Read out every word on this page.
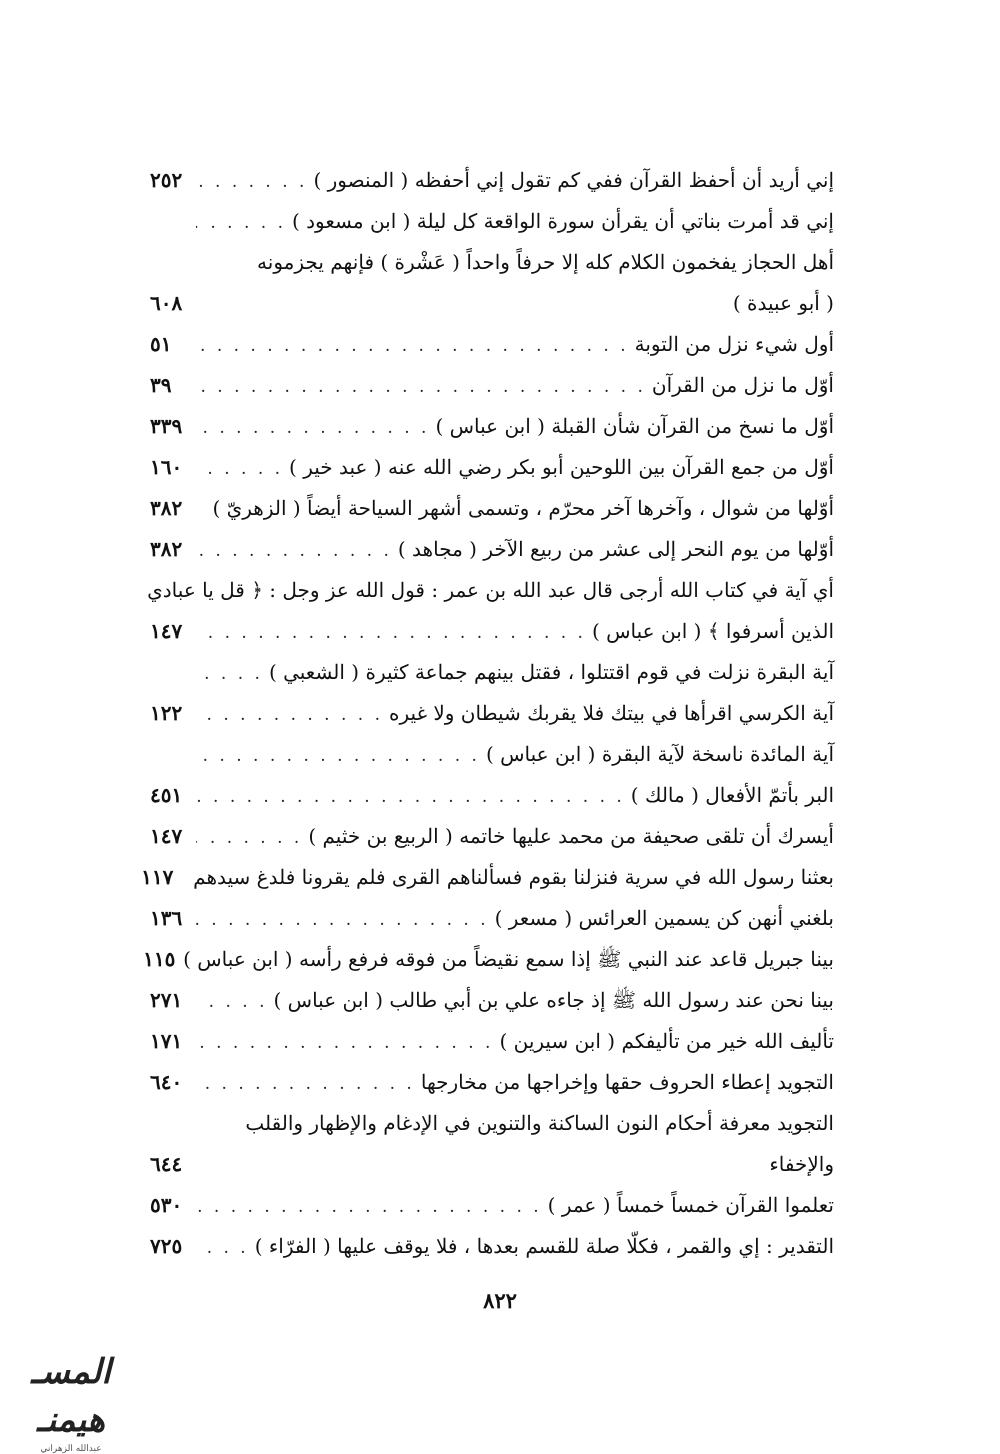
إني أريد أن أحفظ القرآن ففي كم تقول إني أحفظه ( المنصور )
. . .
٢٥٢
إني قد أمرت بناتي أن يقرأن سورة الواقعة كل ليلة ( ابن مسعود )
. . .
أهل الحجاز يفخمون الكلام كله إلا حرفاً واحداً ( عَشْرة ) فإنهم يجزمونه
( أبو عبيدة )
٦٠٨
أول شيء نزل من التوبة
. . .
٥١
أوّل ما نزل من القرآن
. . .
٣٩
أوّل ما نسخ من القرآن شأن القبلة ( ابن عباس )
. . .
٣٣٩
أوّل من جمع القرآن بين اللوحين أبو بكر رضي الله عنه ( عبد خير )
. . .
١٦٠
أوّلها من شوال ، وآخرها آخر محرّم ، وتسمى أشهر السياحة أيضاً ( الزهريّ )
٣٨٢
أوّلها من يوم النحر إلى عشر من ربيع الآخر ( مجاهد )
. . .
٣٨٢
أي آية في كتاب الله أرجى قال عبد الله بن عمر : قول الله عز وجل : ﴿ قل يا عبادي
الذين أسرفوا ﴾ ( ابن عباس )
. . .
١٤٧
آية البقرة نزلت في قوم اقتتلوا ، فقتل بينهم جماعة كثيرة ( الشعبي )
. . .
آية الكرسي اقرأها في بيتك فلا يقربك شيطان ولا غيره
. . .
١٢٢
آية المائدة ناسخة لآية البقرة ( ابن عباس )
. . .
البر بأتمّ الأفعال ( مالك )
. . .
٤٥١
أيسرك أن تلقى صحيفة من محمد عليها خاتمه ( الربيع بن خثيم )
. . .
١٤٧
بعثنا رسول الله في سرية فنزلنا بقوم فسألناهم القرى فلم يقرونا فلدغ سيدهم
١١٧
بلغني أنهن كن يسمين العرائس ( مسعر )
. . .
١٣٦
بينا جبريل قاعد عند النبي ﷺ إذا سمع نقيضاً من فوقه فرفع رأسه ( ابن عباس )
١١٥
بينا نحن عند رسول الله ﷺ إذ جاءه علي بن أبي طالب ( ابن عباس )
. . .
٢٧١
تأليف الله خير من تأليفكم ( ابن سيرين )
. . .
١٧١
التجويد إعطاء الحروف حقها وإخراجها من مخارجها
. . .
٦٤٠
التجويد معرفة أحكام النون الساكنة والتنوين في الإدغام والإظهار والقلب
والإخفاء
٦٤٤
تعلموا القرآن خمساً خمساً ( عمر )
. . .
٥٣٠
التقدير : إي والقمر ، فكلّا صلة للقسم بعدها ، فلا يوقف عليها ( الفرّاء )
. . .
٧٢٥
٨٢٢
المسـ هيمنـ
عبدالله الزهراني
